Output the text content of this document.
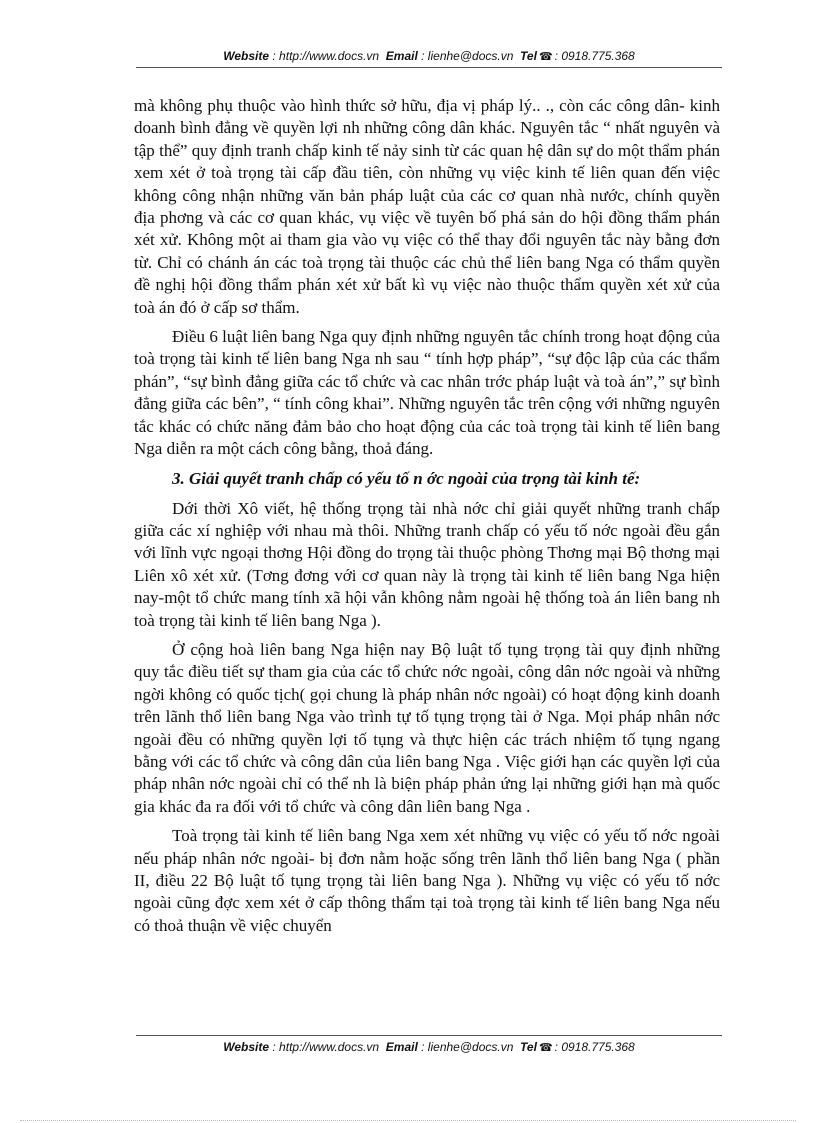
Website : http://www.docs.vn Email : lienhe@docs.vn Tel ☎ : 0918.775.368

mà không phụ thuộc vào hình thức sở hữu, địa vị pháp lý.. ., còn các công dân- kinh doanh bình đẳng về quyền lợi nh những công dân khác. Nguyên tắc “ nhất nguyên và tập thể” quy định tranh chấp kinh tế nảy sinh từ các quan hệ dân sự do một thẩm phán xem xét ở toà trọng tài cấp đầu tiên, còn những vụ việc kinh tế liên quan đến việc không công nhận những văn bản pháp luật của các cơ quan nhà nước, chính quyền địa phơng và các cơ quan khác, vụ việc về tuyên bố phá sản do hội đồng thẩm phán xét xử. Không một ai tham gia vào vụ việc có thể thay đổi nguyên tắc này bằng đơn từ. Chỉ có chánh án các toà trọng tài thuộc các chủ thể liên bang Nga có thẩm quyền đề nghị hội đồng thẩm phán xét xử bất kì vụ việc nào thuộc thẩm quyền xét xử của toà án đó ở cấp sơ thẩm.

Điều 6 luật liên bang Nga quy định những nguyên tắc chính trong hoạt động của toà trọng tài kinh tế liên bang Nga nh sau “ tính hợp pháp”, “sự độc lập của các thẩm phán”, “sự bình đẳng giữa các tổ chức và cac nhân trớc pháp luật và toà án”,” sự bình đẳng giữa các bên”, “ tính công khai”. Những nguyên tắc trên cộng với những nguyên tắc khác có chức năng đảm bảo cho hoạt động của các toà trọng tài kinh tế liên bang Nga diễn ra một cách công bằng, thoả đáng.

3. Giải quyết tranh chấp có yếu tố n ớc ngoài của trọng tài kinh tế:

Dới thời Xô viết, hệ thống trọng tài nhà nớc chỉ giải quyết những tranh chấp giữa các xí nghiệp với nhau mà thôi. Những tranh chấp có yếu tố nớc ngoài đều gắn với lĩnh vực ngoại thơng Hội đồng do trọng tài thuộc phòng Thơng mại Bộ thơng mại Liên xô xét xử. (Tơng đơng với cơ quan này là trọng tài kinh tế liên bang Nga hiện nay-một tổ chức mang tính xã hội vẫn không nằm ngoài hệ thống toà án liên bang nh toà trọng tài kinh tế liên bang Nga ).

Ở cộng hoà liên bang Nga hiện nay Bộ luật tố tụng trọng tài quy định những quy tắc điều tiết sự tham gia của các tổ chức nớc ngoài, công dân nớc ngoài và những ngời không có quốc tịch( gọi chung là pháp nhân nớc ngoài) có hoạt động kinh doanh trên lãnh thổ liên bang Nga vào trình tự tố tụng trọng tài ở Nga. Mọi pháp nhân nớc ngoài đều có những quyền lợi tố tụng và thực hiện các trách nhiệm tố tụng ngang bằng với các tổ chức và công dân của liên bang Nga . Việc giới hạn các quyền lợi của pháp nhân nớc ngoài chỉ có thể nh là biện pháp phản ứng lại những giới hạn mà quốc gia khác đa ra đối với tổ chức và công dân liên bang Nga .

Toà trọng tài kinh tế liên bang Nga xem xét những vụ việc có yếu tố nớc ngoài nếu pháp nhân nớc ngoài- bị đơn nằm hoặc sống trên lãnh thổ liên bang Nga ( phần II, điều 22 Bộ luật tố tụng trọng tài liên bang Nga ). Những vụ việc có yếu tố nớc ngoài cũng đợc xem xét ở cấp thông thẩm tại toà trọng tài kinh tế liên bang Nga nếu có thoả thuận về việc chuyển

Website : http://www.docs.vn Email : lienhe@docs.vn Tel ☎ : 0918.775.368
